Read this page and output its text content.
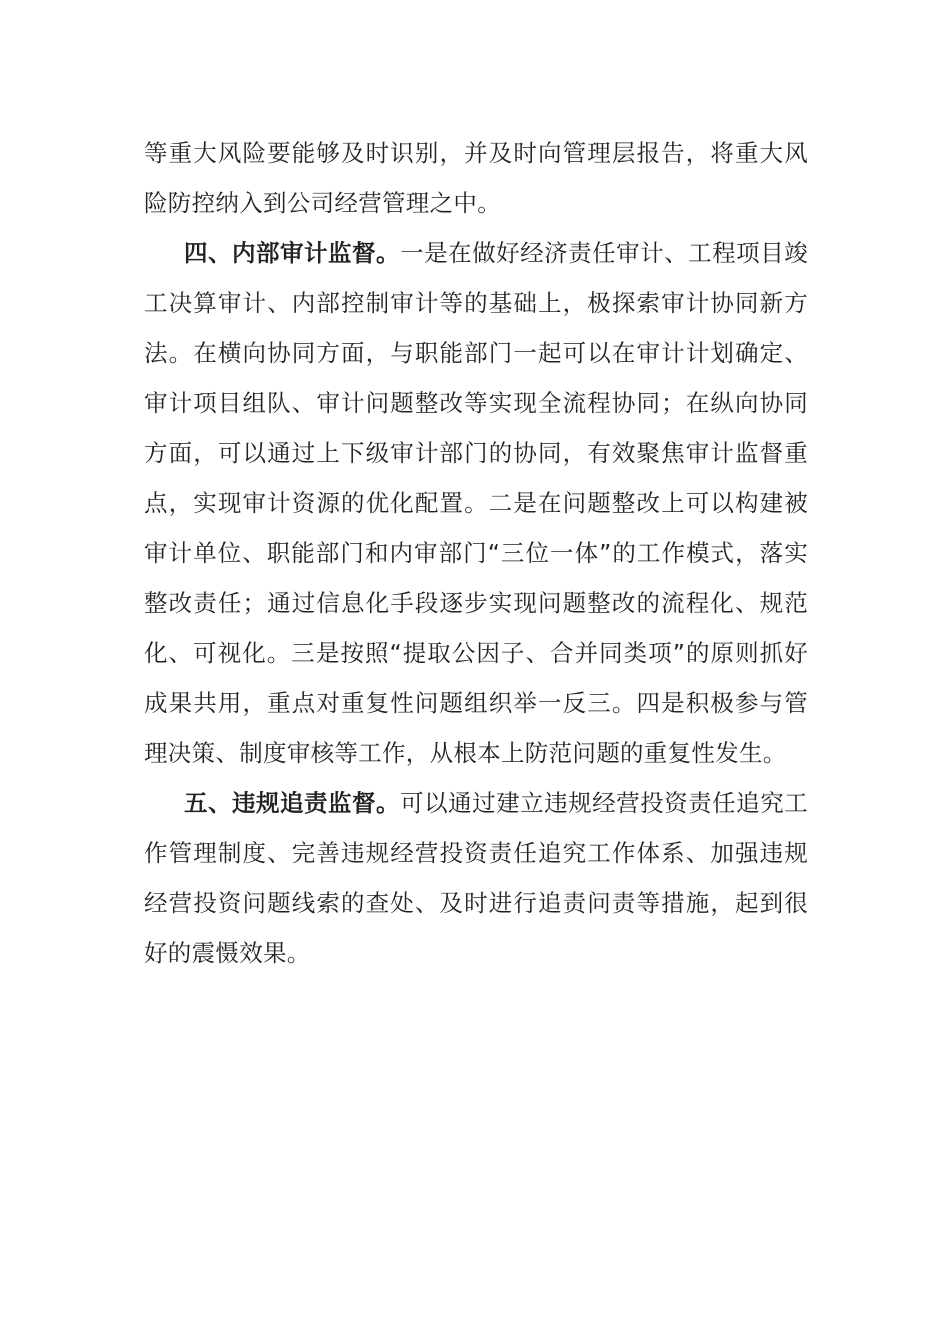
等重大风险要能够及时识别，并及时向管理层报告，将重大风险防控纳入到公司经营管理之中。

四、内部审计监督。一是在做好经济责任审计、工程项目竣工决算审计、内部控制审计等的基础上，极探索审计协同新方法。在横向协同方面，与职能部门一起可以在审计计划确定、审计项目组队、审计问题整改等实现全流程协同；在纵向协同方面，可以通过上下级审计部门的协同，有效聚焦审计监督重点，实现审计资源的优化配置。二是在问题整改上可以构建被审计单位、职能部门和内审部门“三位一体”的工作模式，落实整改责任；通过信息化手段逐步实现问题整改的流程化、规范化、可视化。三是按照“提取公因子、合并同类项”的原则抓好成果共用，重点对重复性问题组织举一反三。四是积极参与管理决策、制度审核等工作，从根本上防范问题的重复性发生。

五、违规追责监督。可以通过建立违规经营投资责任追究工作管理制度、完善违规经营投资责任追究工作体系、加强违规经营投资问题线索的查处、及时进行追责问责等措施，起到很好的震慑效果。
